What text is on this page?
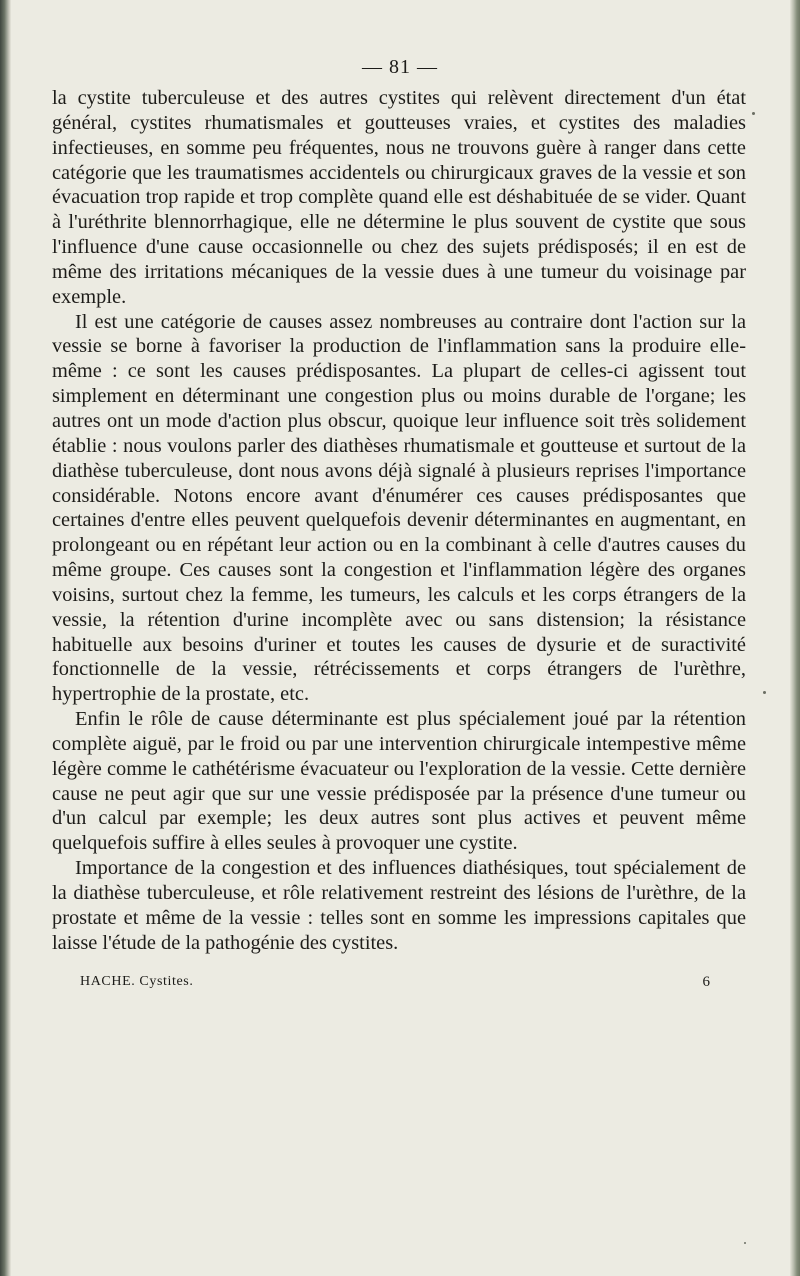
— 81 —

la cystite tuberculeuse et des autres cystites qui relèvent directement d'un état général, cystites rhumatismales et goutteuses vraies, et cystites des maladies infectieuses, en somme peu fréquentes, nous ne trouvons guère à ranger dans cette catégorie que les traumatismes accidentels ou chirurgicaux graves de la vessie et son évacuation trop rapide et trop complète quand elle est déshabituée de se vider. Quant à l'uréthrite blennorrhagique, elle ne détermine le plus souvent de cystite que sous l'influence d'une cause occasionnelle ou chez des sujets prédisposés; il en est de même des irritations mécaniques de la vessie dues à une tumeur du voisinage par exemple.

Il est une catégorie de causes assez nombreuses au contraire dont l'action sur la vessie se borne à favoriser la production de l'inflammation sans la produire elle-même : ce sont les causes prédisposantes. La plupart de celles-ci agissent tout simplement en déterminant une congestion plus ou moins durable de l'organe; les autres ont un mode d'action plus obscur, quoique leur influence soit très solidement établie : nous voulons parler des diathèses rhumatismale et goutteuse et surtout de la diathèse tuberculeuse, dont nous avons déjà signalé à plusieurs reprises l'importance considérable. Notons encore avant d'énumérer ces causes prédisposantes que certaines d'entre elles peuvent quelquefois devenir déterminantes en augmentant, en prolongeant ou en répétant leur action ou en la combinant à celle d'autres causes du même groupe. Ces causes sont la congestion et l'inflammation légère des organes voisins, surtout chez la femme, les tumeurs, les calculs et les corps étrangers de la vessie, la rétention d'urine incomplète avec ou sans distension; la résistance habituelle aux besoins d'uriner et toutes les causes de dysurie et de suractivité fonctionnelle de la vessie, rétrécissements et corps étrangers de l'urèthre, hypertrophie de la prostate, etc.

Enfin le rôle de cause déterminante est plus spécialement joué par la rétention complète aiguë, par le froid ou par une intervention chirurgicale intempestive même légère comme le cathétérisme évacuateur ou l'exploration de la vessie. Cette dernière cause ne peut agir que sur une vessie prédisposée par la présence d'une tumeur ou d'un calcul par exemple; les deux autres sont plus actives et peuvent même quelquefois suffire à elles seules à provoquer une cystite.

Importance de la congestion et des influences diathésiques, tout spécialement de la diathèse tuberculeuse, et rôle relativement restreint des lésions de l'urèthre, de la prostate et même de la vessie : telles sont en somme les impressions capitales que laisse l'étude de la pathogénie des cystites.

HACHE. Cystites.	6
